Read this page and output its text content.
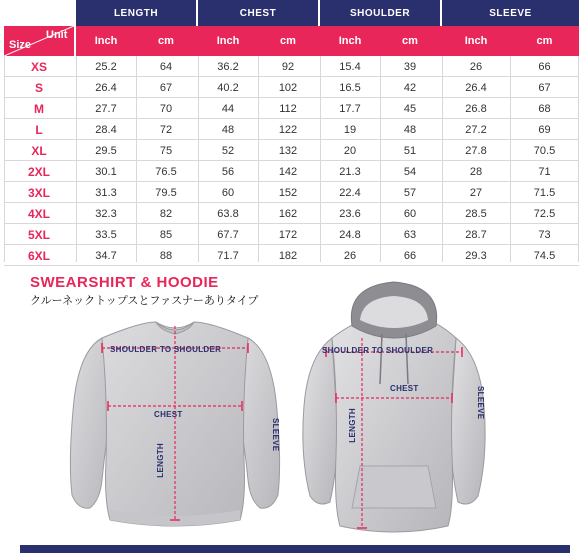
LENGTH	CHEST	SHOULDER	SLEEVE
Size
Unit	Inch	cm	Inch	cm	Inch	cm	Inch	cm
XS	25.2	64	36.2	92	15.4	39	26	66
S	26.4	67	40.2	102	16.5	42	26.4	67
M	27.7	70	44	112	17.7	45	26.8	68
L	28.4	72	48	122	19	48	27.2	69
XL	29.5	75	52	132	20	51	27.8	70.5
2XL	30.1	76.5	56	142	21.3	54	28	71
3XL	31.3	79.5	60	152	22.4	57	27	71.5
4XL	32.3	82	63.8	162	23.6	60	28.5	72.5
5XL	33.5	85	67.7	172	24.8	63	28.7	73
6XL	34.7	88	71.7	182	26	66	29.3	74.5
SWEARSHIRT & HOODIE
クルーネックトップスとファスナーありタイプ
SHOULDER TO SHOULDER
CHEST
LENGTH
SLEEVE
SHOULDER TO SHOULDER
CHEST
LENGTH
SLEEVE
